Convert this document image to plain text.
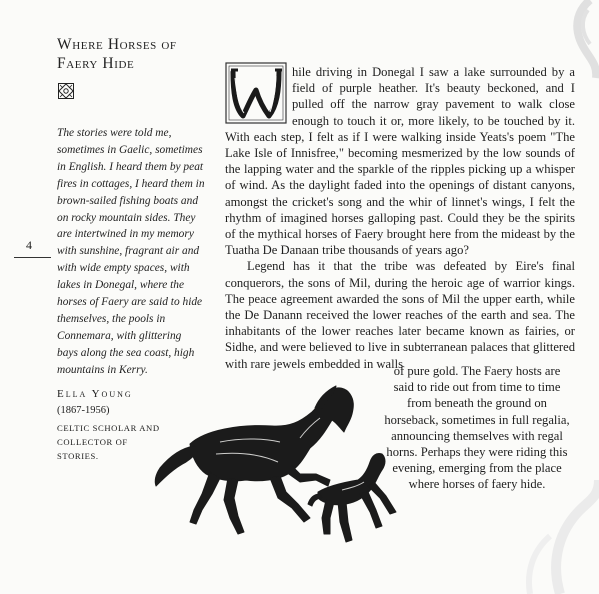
Where Horses of
Faery Hide
The stories were told me, sometimes in Gaelic, sometimes in English. I heard them by peat fires in cottages, I heard them in brown-sailed fishing boats and on rocky mountain sides. They are intertwined in my memory with sunshine, fragrant air and with wide empty spaces, with lakes in Donegal, where the horses of Faery are said to hide themselves, the pools in Connemara, with glittering bays along the sea coast, high mountains in Kerry.
Ella Young
(1867-1956)
CELTIC SCHOLAR AND COLLECTOR OF STORIES.
4

hile driving in Donegal I saw a lake surrounded by a field of purple heather. It's beauty beckoned, and I pulled off the narrow gray pavement to walk close enough to touch it or, more likely, to be touched by it. With each step, I felt as if I were walking inside Yeats's poem "The Lake Isle of Innisfree," becoming mesmerized by the low sounds of the lapping water and the sparkle of the ripples picking up a whisper of wind. As the daylight faded into the openings of distant canyons, amongst the cricket's song and the whir of linnet's wings, I felt the rhythm of imagined horses galloping past. Could they be the spirits of the mythical horses of Faery brought here from the mideast by the Tuatha De Danaan tribe thousands of years ago?

Legend has it that the tribe was defeated by Eire's final conquerors, the sons of Mil, during the heroic age of warrior kings. The peace agreement awarded the sons of Mil the upper earth, while the De Danann received the lower reaches of the earth and sea. The inhabitants of the lower reaches later became known as fairies, or Sidhe, and were believed to live in subterranean palaces that glittered with rare jewels embedded in walls

of pure gold. The Faery hosts are said to ride out from time to time from beneath the ground on horseback, sometimes in full regalia, announcing themselves with regal horns. Perhaps they were riding this evening, emerging from the place where horses of faery hide.
